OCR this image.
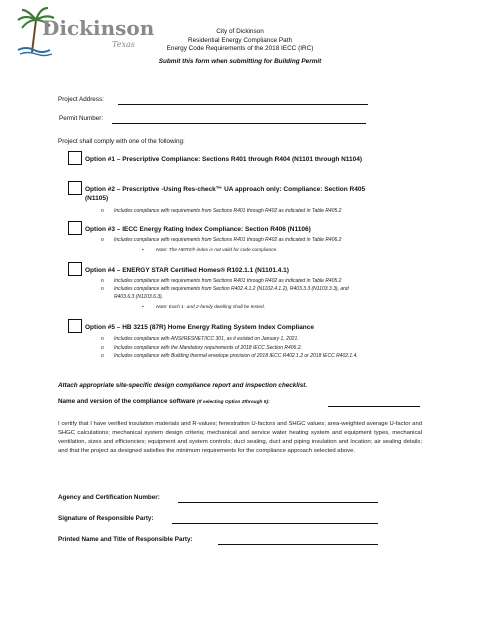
Dickinson
Texas
City of Dickinson
Residential Energy Compliance Path
Energy Code Requirements of the 2018 IECC (IRC)
Submit this form when submitting for Building Permit
Project Address:
Permit Number:
Project shall comply with one of the following:
Option #1 – Prescriptive Compliance: Sections R401 through R404 (N1101 through N1104)
Option #2 – Prescriptive -Using Res-check™ UA approach only: Compliance: Section R405
(N1105)
o Includes compliance with requirements from Sections R401 through R402 as indicated in Table R405.2
Option #3 – IECC Energy Rating Index Compliance: Section R406 (N1106)
o Includes compliance with requirements from Sections R401 through R402 as indicated in Table R406.2
▪	Note: The HERS® index is not valid for code compliance.
Option #4 – ENERGY STAR Certified Homes® R102.1.1 (N1101.4.1)
o Includes compliance with requirements from Sections R401 through R402 as indicated in Table R405.2
o Includes compliance with requirements from Section R402.4.1.2 (N1102.4.1.2), R403.3.3 (N1103.3.3), and
R403.6.3 (N1103.6.3).
▪	Note: Each 1- and 2-family dwelling shall be tested.
Option #5 – HB 3215 (87R) Home Energy Rating System Index Compliance
o Includes compliance with ANSI/RESNET/ICC 301, as it existed on January 1, 2021.
o Includes compliance with the Mandatory requirements of 2018 IECC Section R406.2.
o Includes compliance with Building thermal envelope provision of 2018 IECC R402.1.2 or 2018 IECC R402.1.4.
Attach appropriate site-specific design compliance report and inspection checklist.
Name and version of the compliance software (If selecting Option 2through 5):
I certify that I have verified insulation materials and R-values; fenestration U-factors and SHGC values; area-weighted average U-factor and SHGC calculations; mechanical system design criteria; mechanical and service water heating system and equipment types, mechanical ventilation, sizes and efficiencies; equipment and system controls; duct sealing, duct and piping insulation and location; air sealing details; and that the project as designed satisfies the minimum requirements for the compliance approach selected above.
Agency and Certification Number:
Signature of Responsible Party:
Printed Name and Title of Responsible Party:
